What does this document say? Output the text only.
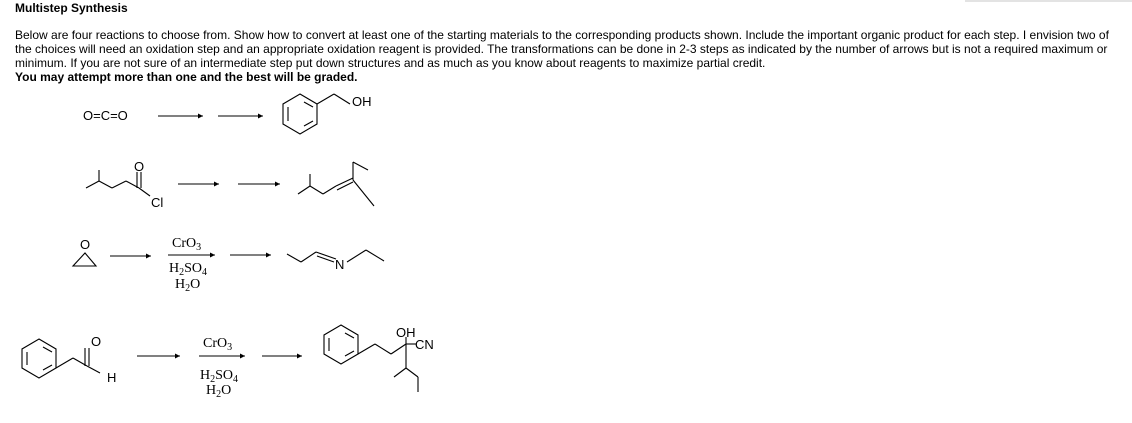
Multistep Synthesis
Below are four reactions to choose from. Show how to convert at least one of the starting materials to the corresponding products shown. Include the important organic product for each step. I envision two of the choices will need an oxidation step and an appropriate oxidation reagent is provided. The transformations can be done in 2-3 steps as indicated by the number of arrows but is not a required maximum or minimum. If you are not sure of an intermediate step put down structures and as much as you know about reagents to maximize partial credit.
You may attempt more than one and the best will be graded.
O=C=O
OH
O
Cl
O	CrO$_3$
$H_2SO_4$
$H_2O$
N
O
H
CrO$_3$
$H_2SO_4$
$H_2O$
OH
CN
